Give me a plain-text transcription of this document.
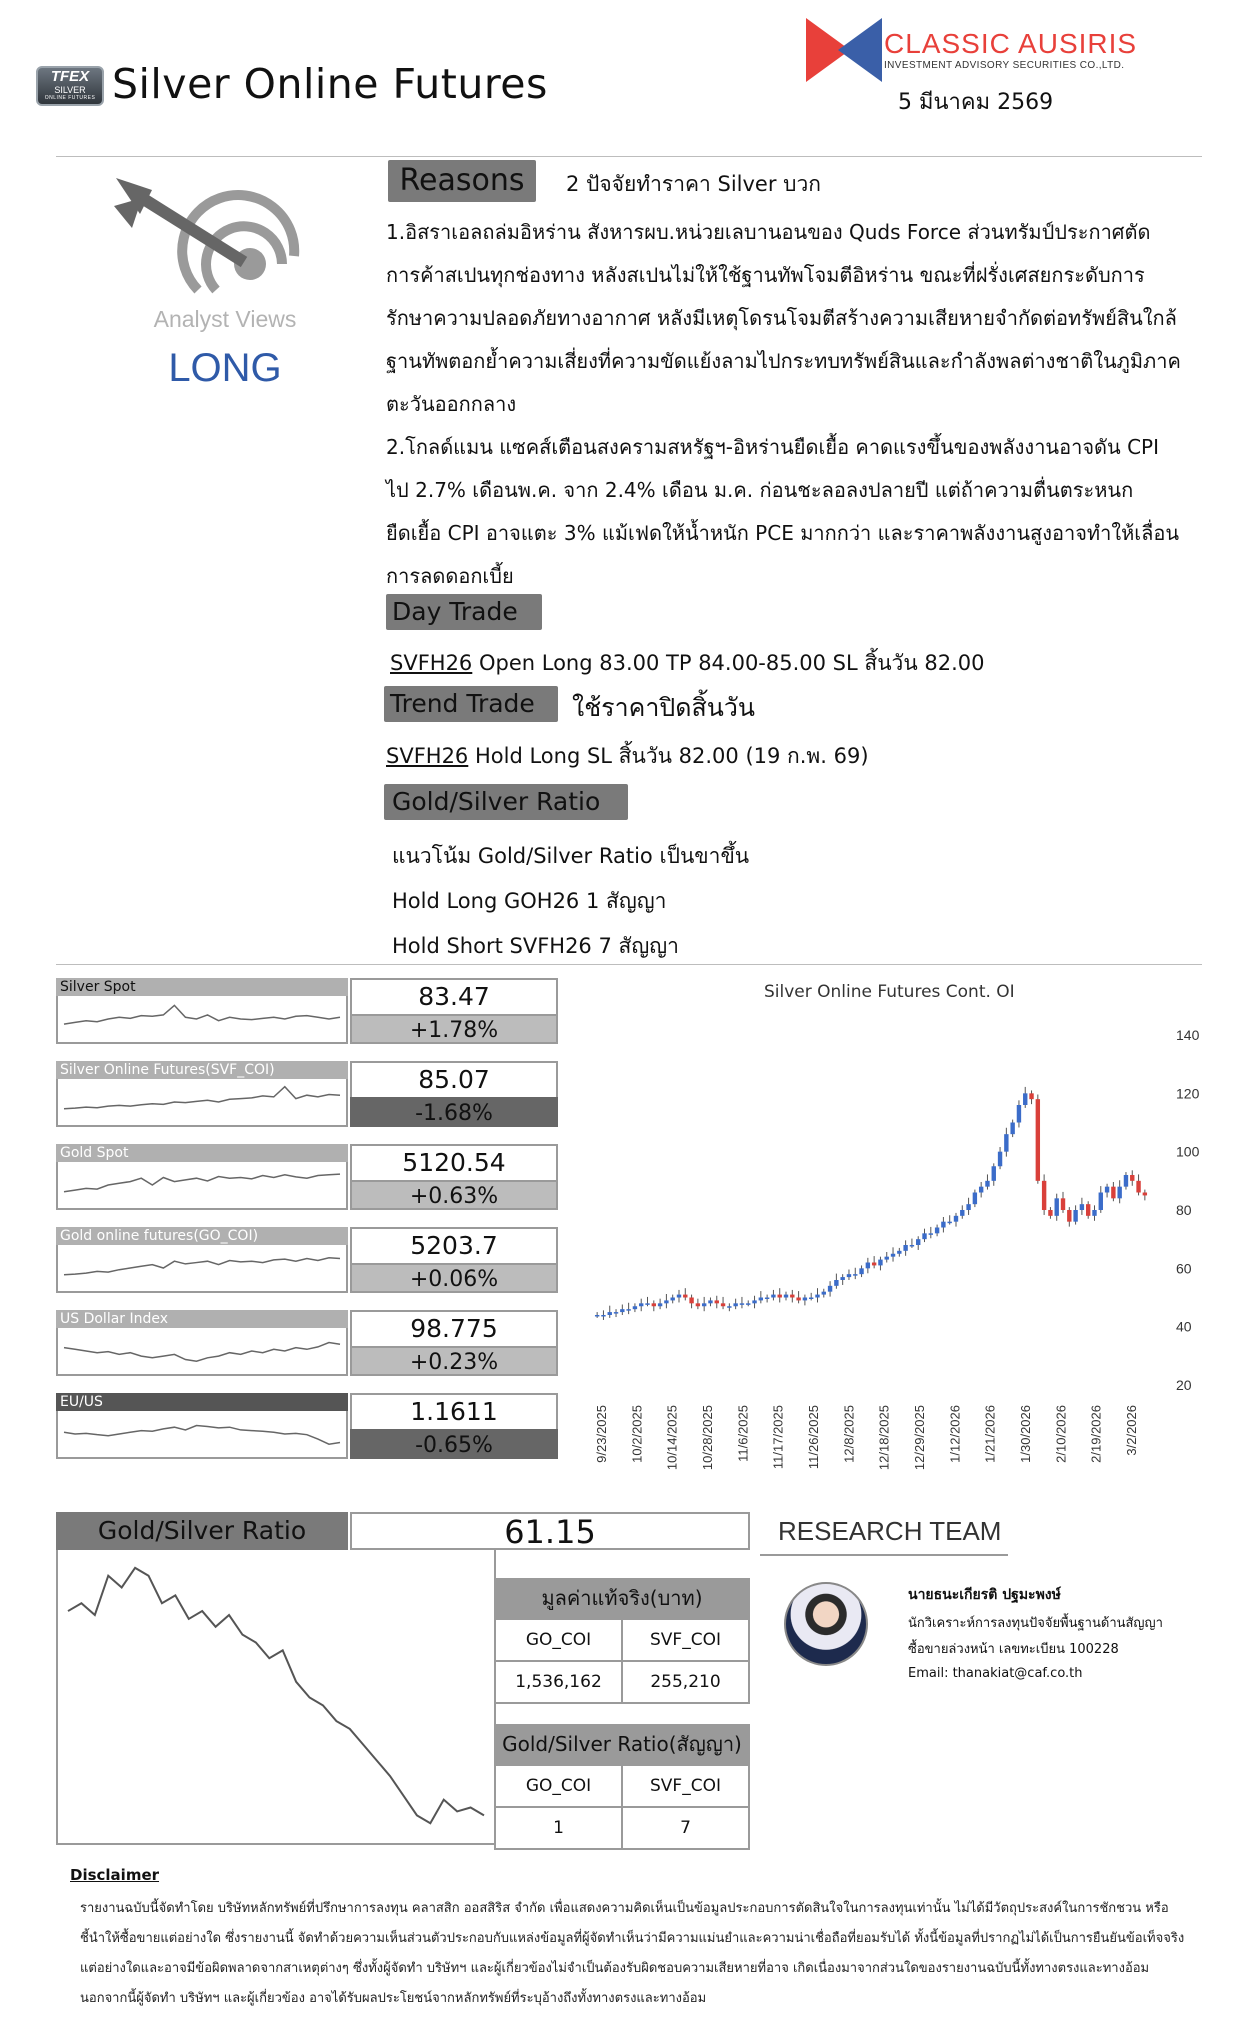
TFEX
SILVER
ONLINE FUTURES Silver Online Futures
CLASSIC AUSIRIS
INVESTMENT ADVISORY SECURITIES CO.,LTD.
5 มีนาคม 2569
Analyst Views
LONG
Reasons	2 ปัจจัยทำราคา Silver บวก
1.อิสราเอลถล่มอิหร่าน สังหารผบ.หน่วยเลบานอนของ Quds Force ส่วนทรัมป์ประกาศตัด
การค้าสเปนทุกช่องทาง หลังสเปนไม่ให้ใช้ฐานทัพโจมตีอิหร่าน ขณะที่ฝรั่งเศสยกระดับการ
รักษาความปลอดภัยทางอากาศ หลังมีเหตุโดรนโจมตีสร้างความเสียหายจำกัดต่อทรัพย์สินใกล้
ฐานทัพตอกย้ำความเสี่ยงที่ความขัดแย้งลามไปกระทบทรัพย์สินและกำลังพลต่างชาติในภูมิภาค
ตะวันออกกลาง
2.โกลด์แมน แซคส์เตือนสงครามสหรัฐฯ-อิหร่านยืดเยื้อ คาดแรงขึ้นของพลังงานอาจดัน CPI
ไป 2.7% เดือนพ.ค. จาก 2.4% เดือน ม.ค. ก่อนชะลอลงปลายปี แต่ถ้าความตื่นตระหนก
ยืดเยื้อ CPI อาจแตะ 3% แม้เฟดให้น้ำหนัก PCE มากกว่า และราคาพลังงานสูงอาจทำให้เลื่อน
การลดดอกเบี้ย
Day Trade
SVFH26 Open Long 83.00 TP 84.00-85.00 SL สิ้นวัน 82.00
Trend Trade	ใช้ราคาปิดสิ้นวัน
SVFH26 Hold Long SL สิ้นวัน 82.00 (19 ก.พ. 69)
Gold/Silver Ratio
แนวโน้ม Gold/Silver Ratio เป็นขาขึ้น
Hold Long GOH26 1 สัญญา
Hold Short SVFH26 7 สัญญา
Silver Spot	83.47
+1.78%
Silver Online Futures(SVF_COI)	85.07
-1.68%
Gold Spot	5120.54
+0.63%
Gold online futures(GO_COI)	5203.7
+0.06%
US Dollar Index	98.775
+0.23%
EU/US	1.1611
-0.65%
Silver Online Futures Cont. OI
140
120
100
80
60
40
20
9/23/2025 10/2/2025 10/14/2025 10/28/2025 11/6/2025 11/17/2025 11/26/2025 12/8/2025 12/18/2025 12/29/2025 1/12/2026 1/21/2026 1/30/2026 2/10/2026 2/19/2026 3/2/2026
Gold/Silver Ratio	61.15
มูลค่าแท้จริง(บาท)
GO_COI	SVF_COI
1,536,162	255,210
Gold/Silver Ratio(สัญญา)
GO_COI	SVF_COI
1	7
RESEARCH TEAM
นายธนะเกียรติ ปฐมะพงษ์
นักวิเคราะห์การลงทุนปัจจัยพื้นฐานด้านสัญญา
ซื้อขายล่วงหน้า เลขทะเบียน 100228
Email: thanakiat@caf.co.th
Disclaimer
รายงานฉบับนี้จัดทำโดย บริษัทหลักทรัพย์ที่ปรึกษาการลงทุน คลาสสิก ออสสิริส จำกัด เพื่อแสดงความคิดเห็นเป็นข้อมูลประกอบการตัดสินใจในการลงทุนเท่านั้น ไม่ได้มีวัตถุประสงค์ในการชักชวน หรือชี้นำให้ซื้อขายแต่อย่างใด ซึ่งรายงานนี้ จัดทำด้วยความเห็นส่วนตัวประกอบกับแหล่งข้อมูลที่ผู้จัดทำเห็นว่ามีความแม่นยำและความน่าเชื่อถือที่ยอมรับได้ ทั้งนี้ข้อมูลที่ปรากฏไม่ได้เป็นการยืนยันข้อเท็จจริงแต่อย่างใดและอาจมีข้อผิดพลาดจากสาเหตุต่างๆ ซึ่งทั้งผู้จัดทำ บริษัทฯ และผู้เกี่ยวข้องไม่จำเป็นต้องรับผิดชอบความเสียหายที่อาจ เกิดเนื่องมาจากส่วนใดของรายงานฉบับนี้ทั้งทางตรงและทางอ้อม นอกจากนี้ผู้จัดทำ บริษัทฯ และผู้เกี่ยวข้อง อาจได้รับผลประโยชน์จากหลักทรัพย์ที่ระบุอ้างถึงทั้งทางตรงและทางอ้อม
